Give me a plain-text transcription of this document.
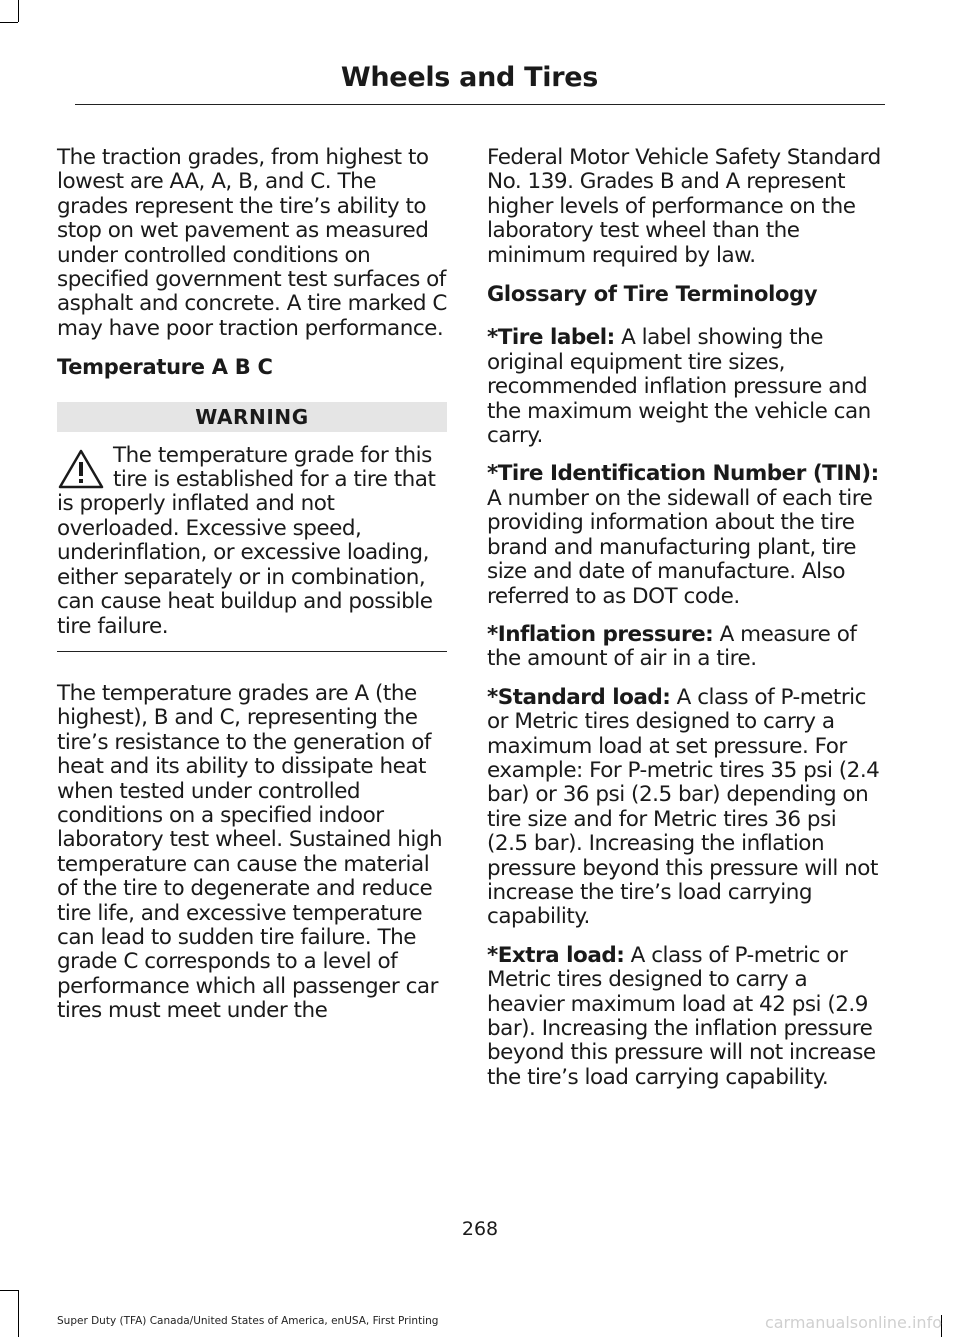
Wheels and Tires

The traction grades, from highest to lowest are AA, A, B, and C. The grades represent the tire’s ability to stop on wet pavement as measured under controlled conditions on specified government test surfaces of asphalt and concrete. A tire marked C may have poor traction performance.

Temperature A B C

WARNING

The temperature grade for this tire is established for a tire that is properly inflated and not overloaded. Excessive speed, underinflation, or excessive loading, either separately or in combination, can cause heat buildup and possible tire failure.

The temperature grades are A (the highest), B and C, representing the tire’s resistance to the generation of heat and its ability to dissipate heat when tested under controlled conditions on a specified indoor laboratory test wheel. Sustained high temperature can cause the material of the tire to degenerate and reduce tire life, and excessive temperature can lead to sudden tire failure. The grade C corresponds to a level of performance which all passenger car tires must meet under the

Federal Motor Vehicle Safety Standard No. 139. Grades B and A represent higher levels of performance on the laboratory test wheel than the minimum required by law.

Glossary of Tire Terminology

*Tire label: A label showing the original equipment tire sizes, recommended inflation pressure and the maximum weight the vehicle can carry.

*Tire Identification Number (TIN): A number on the sidewall of each tire providing information about the tire brand and manufacturing plant, tire size and date of manufacture. Also referred to as DOT code.

*Inflation pressure: A measure of the amount of air in a tire.

*Standard load: A class of P-metric or Metric tires designed to carry a maximum load at set pressure. For example: For P-metric tires 35 psi (2.4 bar) or 36 psi (2.5 bar) depending on tire size and for Metric tires 36 psi (2.5 bar). Increasing the inflation pressure beyond this pressure will not increase the tire’s load carrying capability.

*Extra load: A class of P-metric or Metric tires designed to carry a heavier maximum load at 42 psi (2.9 bar). Increasing the inflation pressure beyond this pressure will not increase the tire’s load carrying capability.

268
Super Duty (TFA) Canada/United States of America, enUSA, First Printing	carmanualsonline.info
